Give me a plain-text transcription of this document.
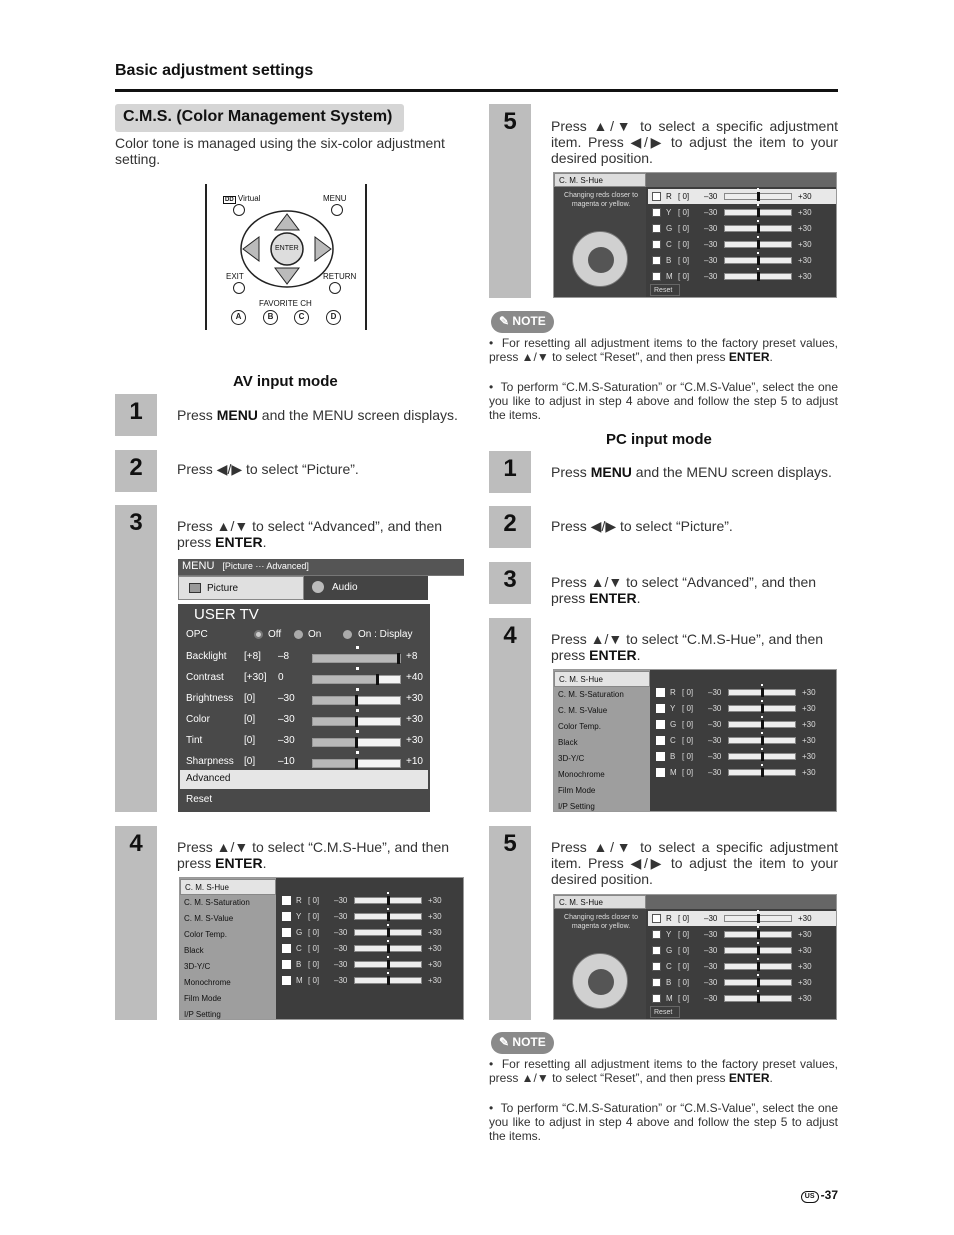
Basic adjustment settings
C.M.S. (Color Management System)
Color tone is managed using the six-color adjustment setting.
DD Virtual	MENU
ENTER
EXIT	RETURN
FAVORITE CH
A	B	C	D
AV input mode
1	Press MENU and the MENU screen displays.
2	Press ◀/▶ to select “Picture”.
3	Press ▲/▼ to select “Advanced”, and then press ENTER.
MENU [Picture ··· Advanced]
Picture	Audio
USER TV
OPC	Off	On	On : Display
Backlight [+8] –8	+8
Contrast [+30] 0	+40
Brightness [0] –30	+30
Color	[0] –30	+30
Tint	[0] –30	+30
Sharpness [0] –10	+10
Advanced
Reset
4	Press ▲/▼ to select “C.M.S-Hue”, and then press ENTER.
C. M. S-Hue
C. M. S-Saturation
C. M. S-Value
Color Temp.
Black
3D-Y/C
Monochrome
Film Mode
I/P Setting
R [ 0] –30	+30
Y [ 0] –30	+30
G [ 0] –30	+30
C [ 0] –30	+30
B [ 0] –30	+30
M [ 0] –30	+30
5	Press ▲/▼ to select a specific adjustment item. Press ◀/▶ to adjust the item to your desired position.
C. M. S-Hue
Changing reds closer to magenta or yellow.
R [ 0] –30	+30
Y [ 0] –30	+30
G [ 0] –30	+30
C [ 0] –30	+30
B [ 0] –30	+30
M [ 0] –30	+30
Reset
✎ NOTE
•  For resetting all adjustment items to the factory preset values, press ▲/▼ to select “Reset”, and then press ENTER.
•  To perform “C.M.S-Saturation” or “C.M.S-Value”, select the one you like to adjust in step 4 above and follow the step 5 to adjust the items.
PC input mode
1	Press MENU and the MENU screen displays.
2	Press ◀/▶ to select “Picture”.
3	Press ▲/▼ to select “Advanced”, and then press ENTER.
4	Press ▲/▼ to select “C.M.S-Hue”, and then press ENTER.
C. M. S-Hue
C. M. S-Saturation
C. M. S-Value
Color Temp.
Black
3D-Y/C
Monochrome
Film Mode
I/P Setting
R [ 0] –30	+30
Y [ 0] –30	+30
G [ 0] –30	+30
C [ 0] –30	+30
B [ 0] –30	+30
M [ 0] –30	+30
5	Press ▲/▼ to select a specific adjustment item. Press ◀/▶ to adjust the item to your desired position.
C. M. S-Hue
Changing reds closer to magenta or yellow.
R [ 0] –30	+30
Y [ 0] –30	+30
G [ 0] –30	+30
C [ 0] –30	+30
B [ 0] –30	+30
M [ 0] –30	+30
Reset
✎ NOTE
•  For resetting all adjustment items to the factory preset values, press ▲/▼ to select “Reset”, and then press ENTER.
•  To perform “C.M.S-Saturation” or “C.M.S-Value”, select the one you like to adjust in step 4 above and follow the step 5 to adjust the items.
US -37
